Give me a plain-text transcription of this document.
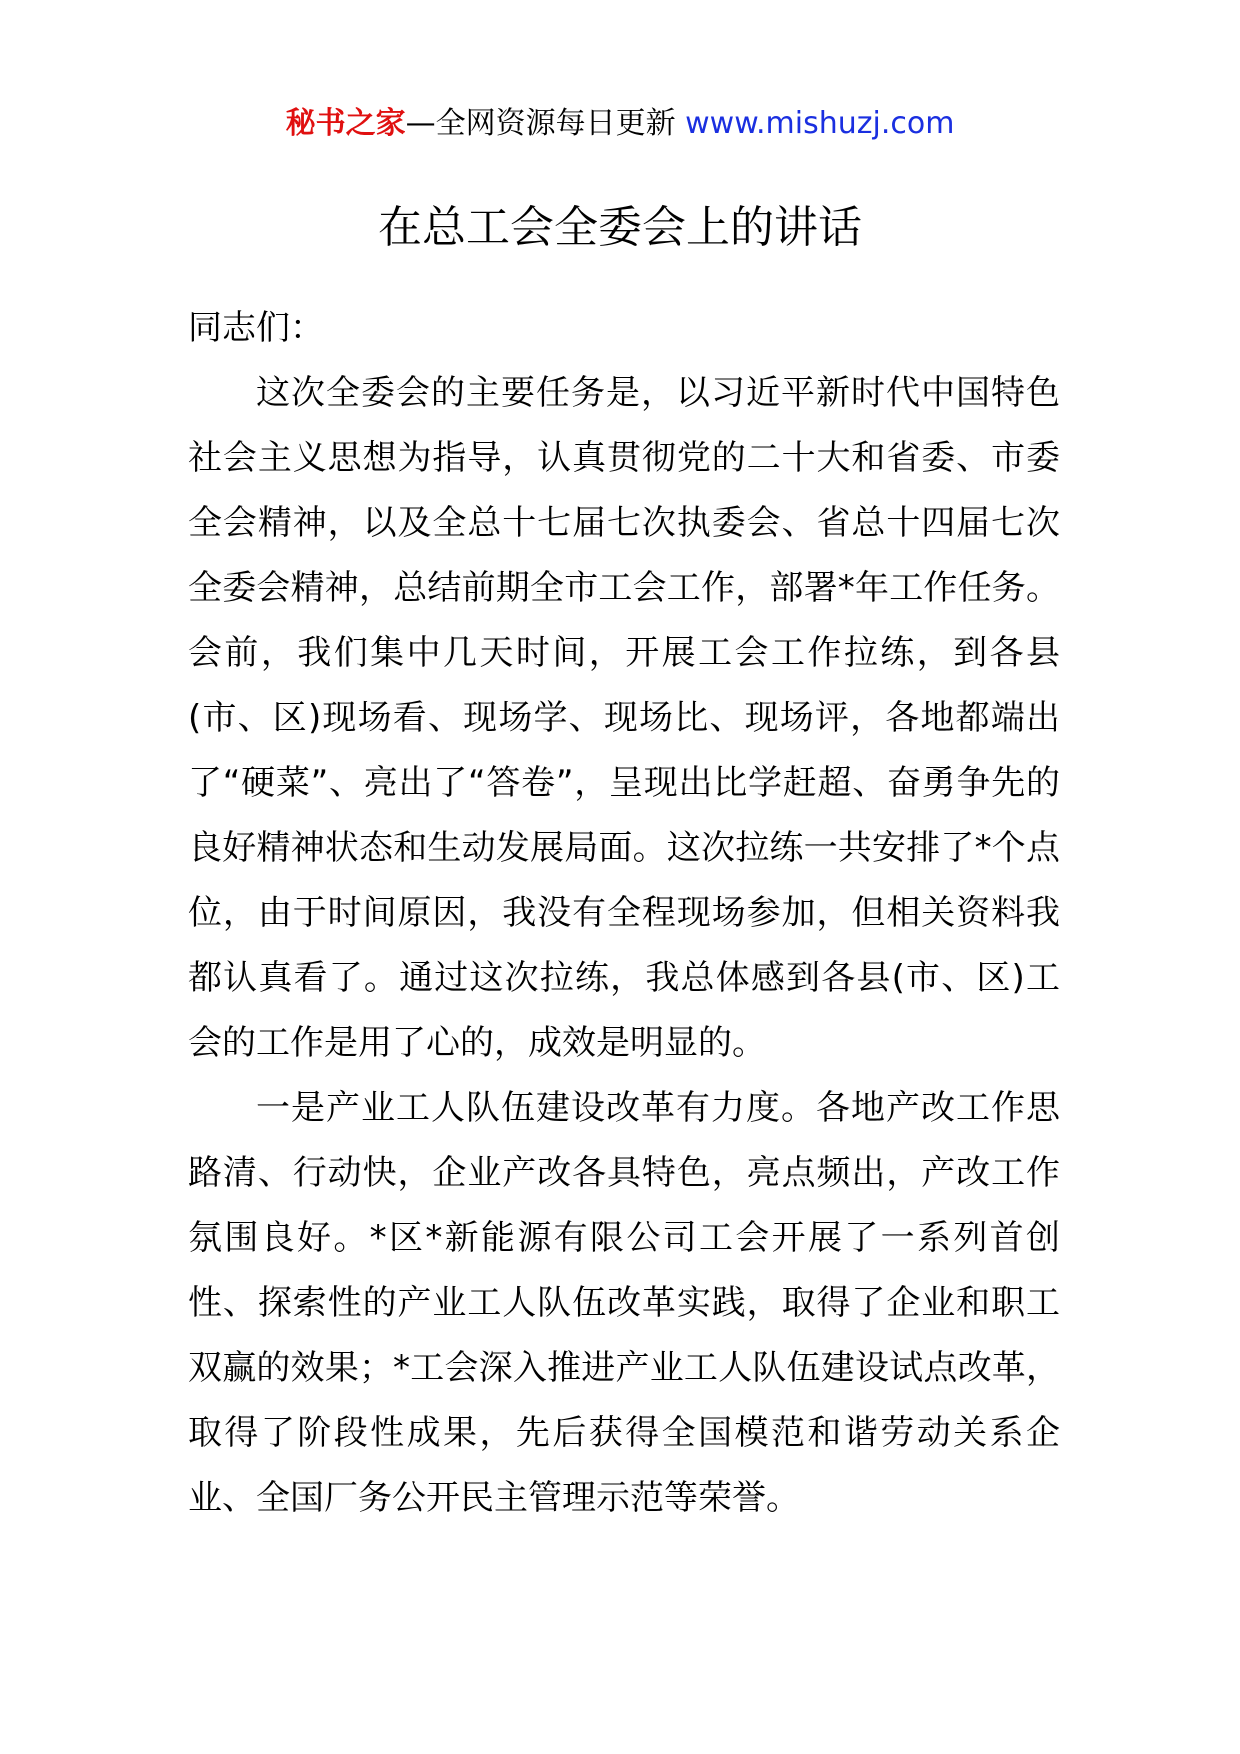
秘书之家—全网资源每日更新 www.mishuzj.com
在总工会全委会上的讲话

同志们：

这次全委会的主要任务是，以习近平新时代中国特色社会主义思想为指导，认真贯彻党的二十大和省委、市委全会精神，以及全总十七届七次执委会、省总十四届七次全委会精神，总结前期全市工会工作，部署*年工作任务。会前，我们集中几天时间，开展工会工作拉练，到各县(市、区)现场看、现场学、现场比、现场评，各地都端出了“硬菜”、亮出了“答卷”，呈现出比学赶超、奋勇争先的良好精神状态和生动发展局面。这次拉练一共安排了*个点位，由于时间原因，我没有全程现场参加，但相关资料我都认真看了。通过这次拉练，我总体感到各县(市、区)工会的工作是用了心的，成效是明显的。

一是产业工人队伍建设改革有力度。各地产改工作思路清、行动快，企业产改各具特色，亮点频出，产改工作氛围良好。*区*新能源有限公司工会开展了一系列首创性、探索性的产业工人队伍改革实践，取得了企业和职工双赢的效果；*工会深入推进产业工人队伍建设试点改革，取得了阶段性成果，先后获得全国模范和谐劳动关系企业、全国厂务公开民主管理示范等荣誉。
